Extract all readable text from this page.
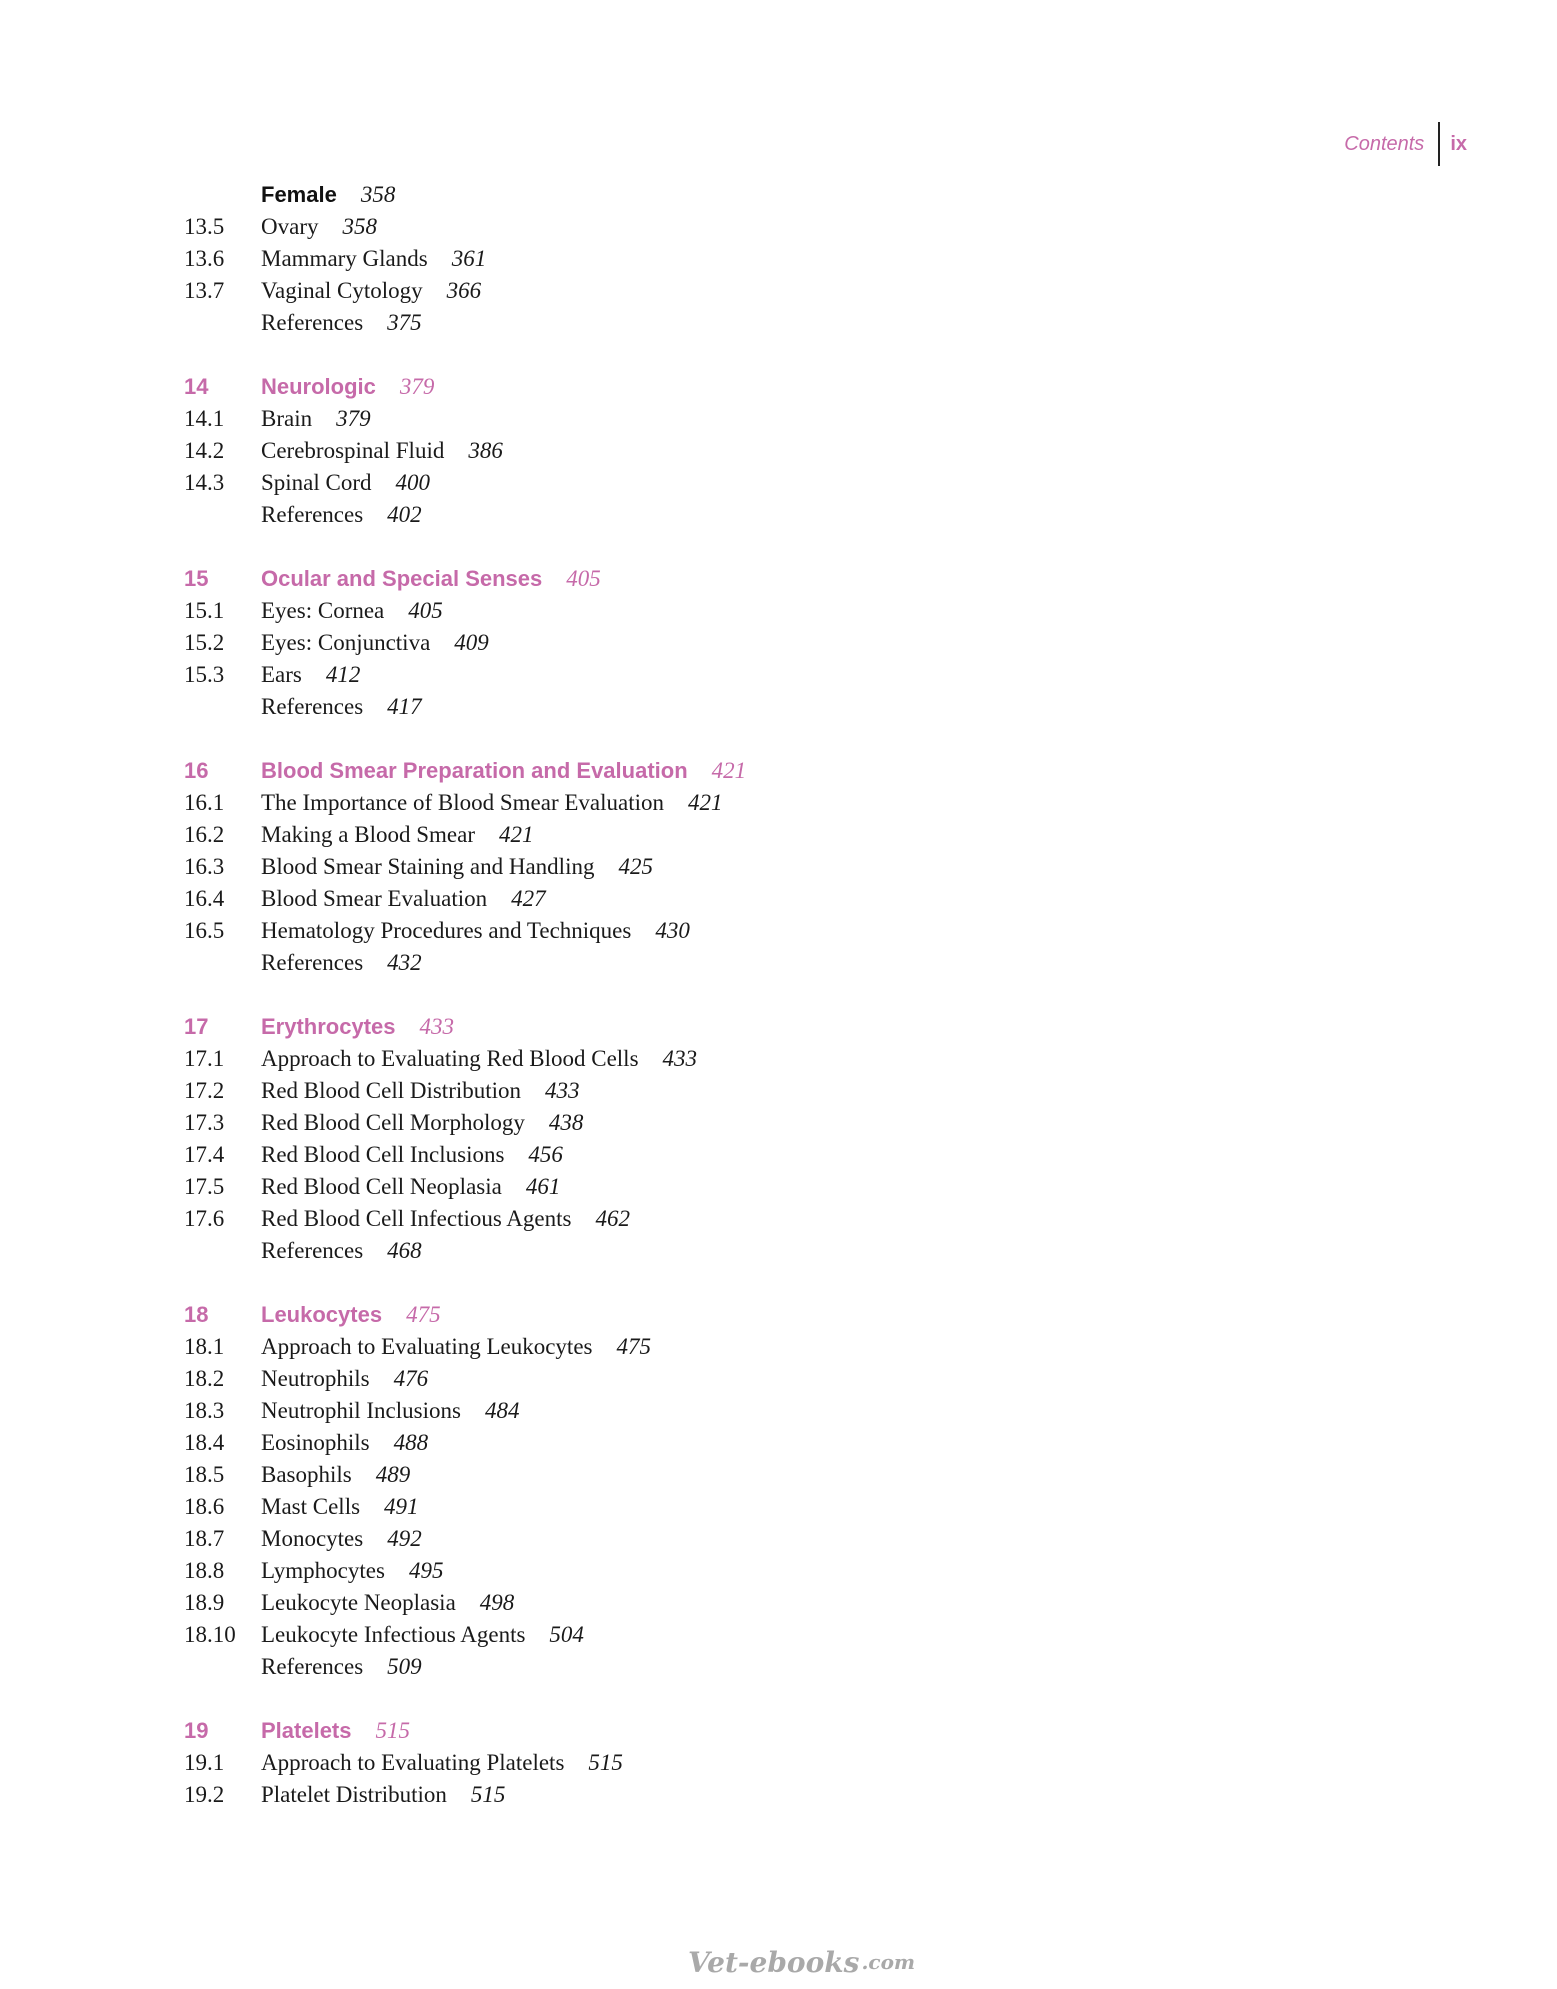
Contents ix
Female 358
13.5	Ovary 358
13.6	Mammary Glands 361
13.7	Vaginal Cytology 366
References 375
14	Neurologic 379
14.1	Brain 379
14.2	Cerebrospinal Fluid 386
14.3	Spinal Cord 400
References 402
15	Ocular and Special Senses 405
15.1	Eyes: Cornea 405
15.2	Eyes: Conjunctiva 409
15.3	Ears 412
References 417
16	Blood Smear Preparation and Evaluation 421
16.1	The Importance of Blood Smear Evaluation 421
16.2	Making a Blood Smear 421
16.3	Blood Smear Staining and Handling 425
16.4	Blood Smear Evaluation 427
16.5	Hematology Procedures and Techniques 430
References 432
17	Erythrocytes 433
17.1	Approach to Evaluating Red Blood Cells 433
17.2	Red Blood Cell Distribution 433
17.3	Red Blood Cell Morphology 438
17.4	Red Blood Cell Inclusions 456
17.5	Red Blood Cell Neoplasia 461
17.6	Red Blood Cell Infectious Agents 462
References 468
18	Leukocytes 475
18.1	Approach to Evaluating Leukocytes 475
18.2	Neutrophils 476
18.3	Neutrophil Inclusions 484
18.4	Eosinophils 488
18.5	Basophils 489
18.6	Mast Cells 491
18.7	Monocytes 492
18.8	Lymphocytes 495
18.9	Leukocyte Neoplasia 498
18.10	Leukocyte Infectious Agents 504
References 509
19	Platelets 515
19.1	Approach to Evaluating Platelets 515
19.2	Platelet Distribution 515
Vet-ebooks .com
